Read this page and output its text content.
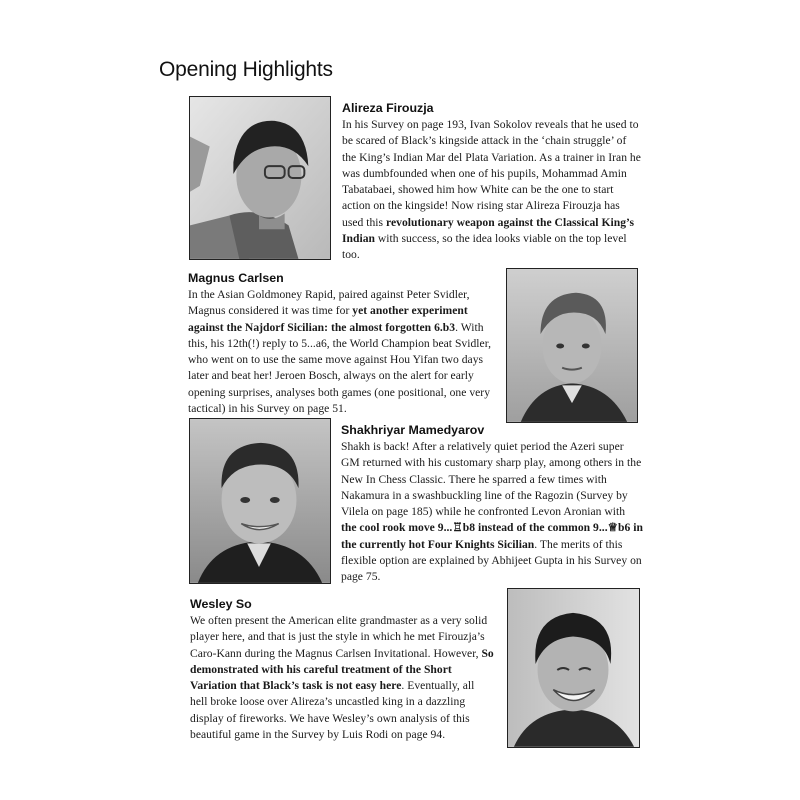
Opening Highlights
Alireza Firouzja
In his Survey on page 193, Ivan Sokolov reveals that he used to be scared of Black’s kingside attack in the ‘chain struggle’ of the King’s Indian Mar del Plata Variation. As a trainer in Iran he was dumbfounded when one of his pupils, Mohammad Amin Tabatabaei, showed him how White can be the one to start action on the kingside! Now rising star Alireza Firouzja has used this revolutionary weapon against the Classical King’s Indian with success, so the idea looks viable on the top level too.
Magnus Carlsen
In the Asian Goldmoney Rapid, paired against Peter Svidler, Magnus considered it was time for yet another experiment against the Najdorf Sicilian: the almost forgotten 6.b3. With this, his 12th(!) reply to 5...a6, the World Champion beat Svidler, who went on to use the same move against Hou Yifan two days later and beat her! Jeroen Bosch, always on the alert for early opening surprises, analyses both games (one positional, one very tactical) in his Survey on page 51.
Shakhriyar Mamedyarov
Shakh is back! After a relatively quiet period the Azeri super GM returned with his customary sharp play, among others in the New In Chess Classic. There he sparred a few times with Nakamura in a swashbuckling line of the Ragozin (Survey by Vilela on page 185) while he confronted Levon Aronian with the cool rook move 9...♖b8 instead of the common 9...♕b6 in the currently hot Four Knights Sicilian. The merits of this flexible option are explained by Abhijeet Gupta in his Survey on page 75.
Wesley So
We often present the American elite grandmaster as a very solid player here, and that is just the style in which he met Firouzja’s Caro-Kann during the Magnus Carlsen Invitational. However, So demonstrated with his careful treatment of the Short Variation that Black’s task is not easy here. Eventually, all hell broke loose over Alireza’s uncastled king in a dazzling display of fireworks. We have Wesley’s own analysis of this beautiful game in the Survey by Luis Rodi on page 94.
